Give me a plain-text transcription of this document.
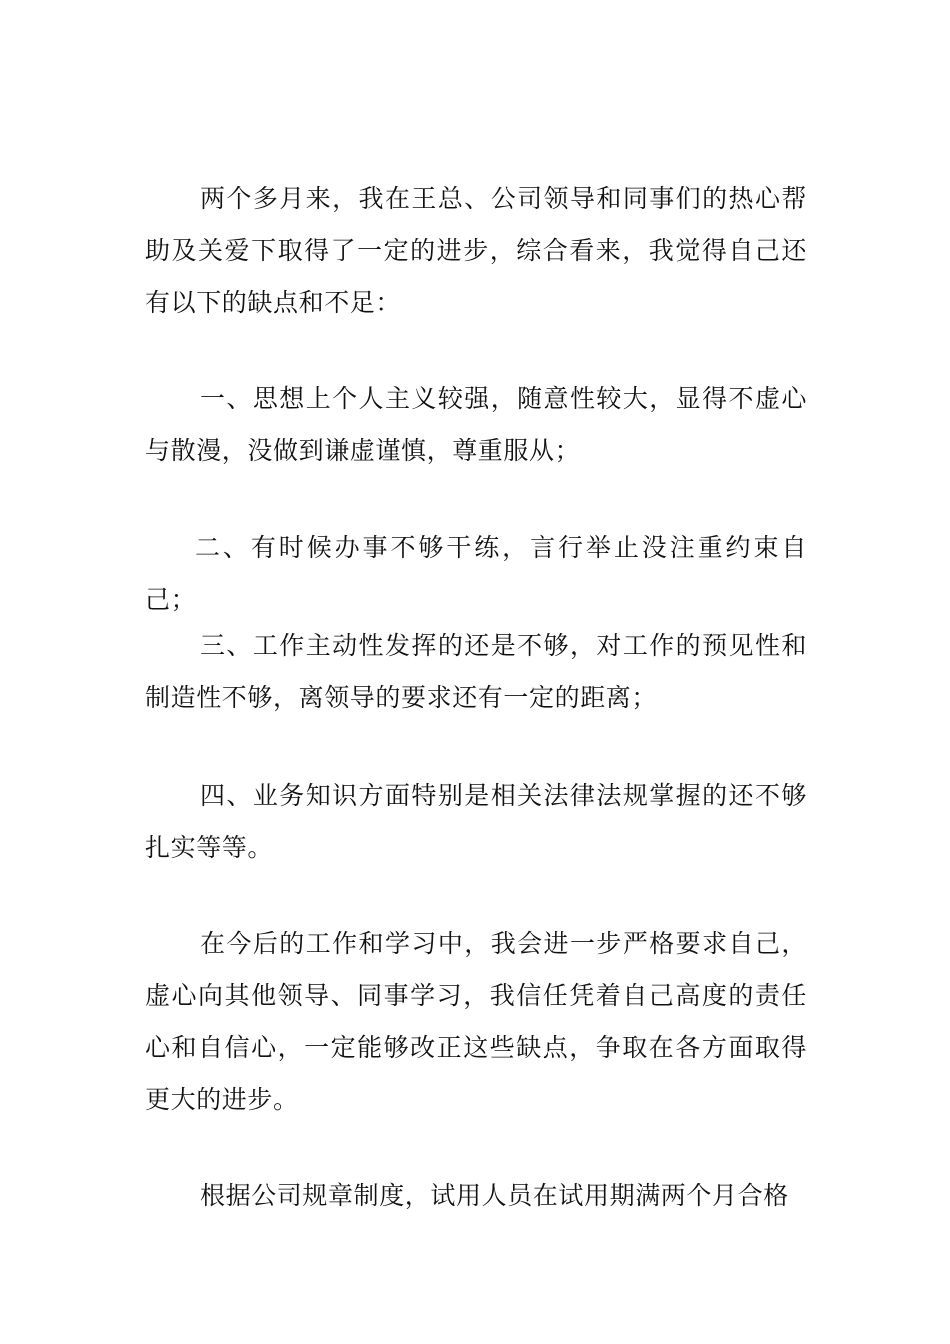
两个多月来，我在王总、公司领导和同事们的热心帮助及关爱下取得了一定的进步，综合看来，我觉得自己还有以下的缺点和不足：

一、思想上个人主义较强，随意性较大，显得不虚心与散漫，没做到谦虚谨慎，尊重服从；

二、有时候办事不够干练，言行举止没注重约束自己；

三、工作主动性发挥的还是不够，对工作的预见性和制造性不够，离领导的要求还有一定的距离；

四、业务知识方面特别是相关法律法规掌握的还不够扎实等等。

在今后的工作和学习中，我会进一步严格要求自己，虚心向其他领导、同事学习，我信任凭着自己高度的责任心和自信心，一定能够改正这些缺点，争取在各方面取得更大的进步。

根据公司规章制度，试用人员在试用期满两个月合格
